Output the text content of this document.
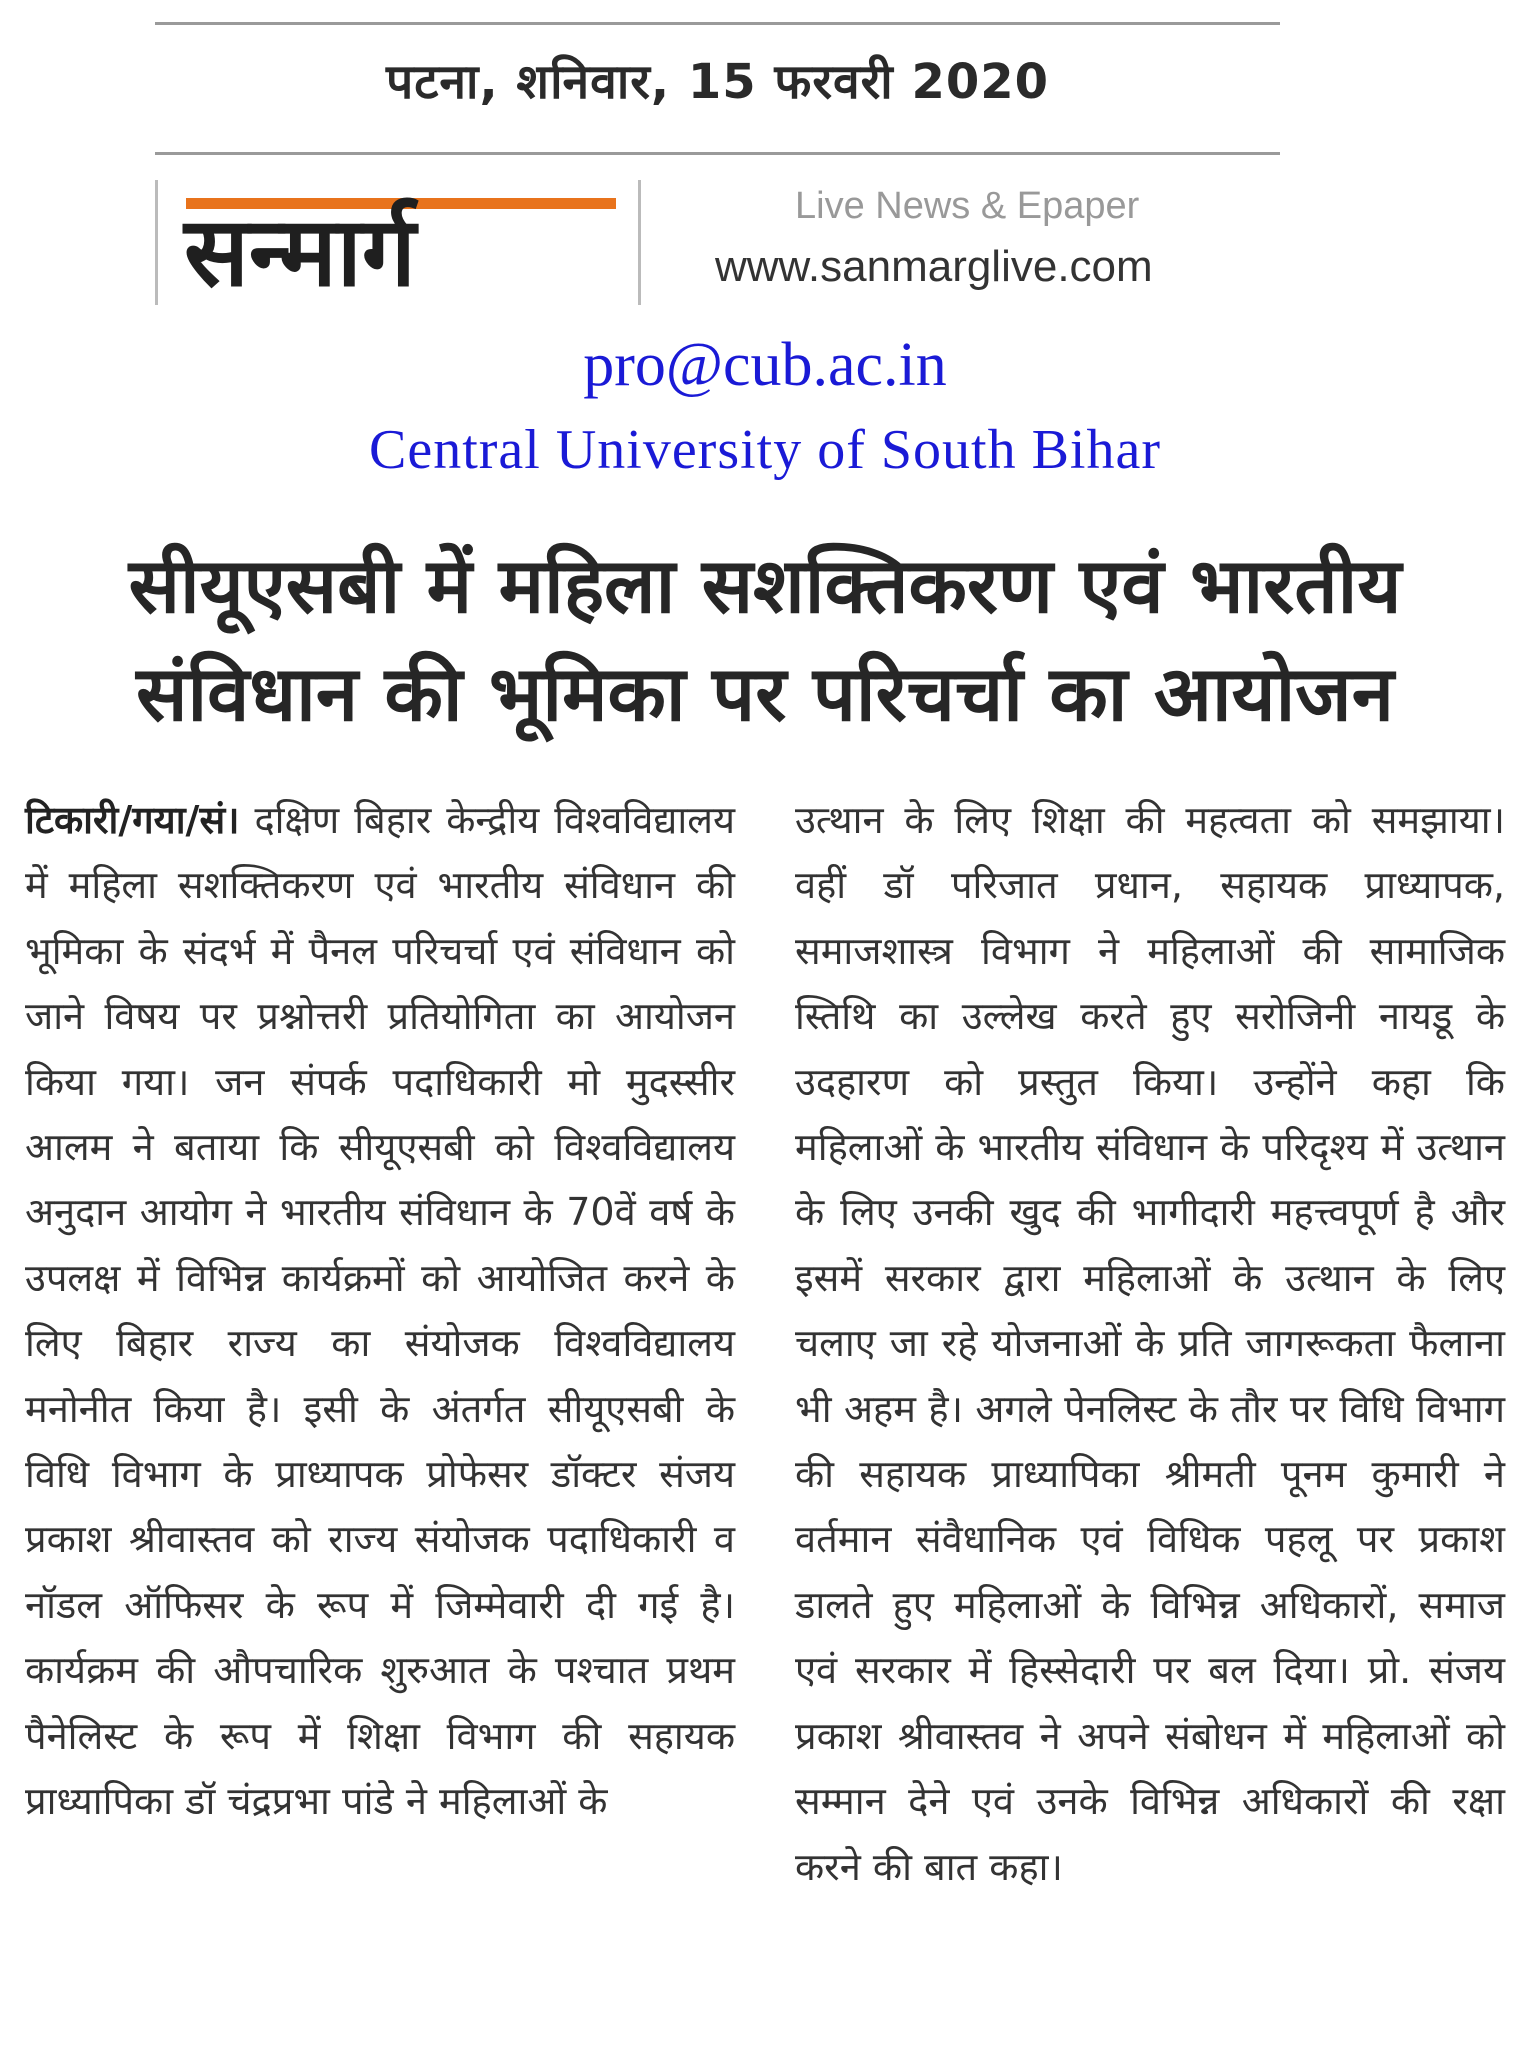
पटना, शनिवार, 15 फरवरी 2020
सन्मार्ग	Live News & Epaper
www.sanmarglive.com
pro@cub.ac.in
Central University of South Bihar
सीयूएसबी में महिला सशक्तिकरण एवं भारतीय
संविधान की भूमिका पर परिचर्चा का आयोजन

टिकारी/गया/सं। दक्षिण बिहार केन्द्रीय विश्वविद्यालय में महिला सशक्तिकरण एवं भारतीय संविधान की भूमिका के संदर्भ में पैनल परिचर्चा एवं संविधान को जाने विषय पर प्रश्नोत्तरी प्रतियोगिता का आयोजन किया गया। जन संपर्क पदाधिकारी मो मुदस्सीर आलम ने बताया कि सीयूएसबी को विश्वविद्यालय अनुदान आयोग ने भारतीय संविधान के 70वें वर्ष के उपलक्ष में विभिन्न कार्यक्रमों को आयोजित करने के लिए बिहार राज्य का संयोजक विश्वविद्यालय मनोनीत किया है। इसी के अंतर्गत सीयूएसबी के विधि विभाग के प्राध्यापक प्रोफेसर डॉक्टर संजय प्रकाश श्रीवास्तव को राज्य संयोजक पदाधिकारी व नॉडल ऑफिसर के रूप में जिम्मेवारी दी गई है। कार्यक्रम की औपचारिक शुरुआत के पश्चात प्रथम पैनेलिस्ट के रूप में शिक्षा विभाग की सहायक प्राध्यापिका डॉ चंद्रप्रभा पांडे ने महिलाओं के

उत्थान के लिए शिक्षा की महत्वता को समझाया। वहीं डॉ परिजात प्रधान, सहायक प्राध्यापक, समाजशास्त्र विभाग ने महिलाओं की सामाजिक स्तिथि का उल्लेख करते हुए सरोजिनी नायडू के उदहारण को प्रस्तुत किया। उन्होंने कहा कि महिलाओं के भारतीय संविधान के परिदृश्य में उत्थान के लिए उनकी खुद की भागीदारी महत्त्वपूर्ण है और इसमें सरकार द्वारा महिलाओं के उत्थान के लिए चलाए जा रहे योजनाओं के प्रति जागरूकता फैलाना भी अहम है। अगले पेनलिस्ट के तौर पर विधि विभाग की सहायक प्राध्यापिका श्रीमती पूनम कुमारी ने वर्तमान संवैधानिक एवं विधिक पहलू पर प्रकाश डालते हुए महिलाओं के विभिन्न अधिकारों, समाज एवं सरकार में हिस्सेदारी पर बल दिया। प्रो. संजय प्रकाश श्रीवास्तव ने अपने संबोधन में महिलाओं को सम्मान देने एवं उनके विभिन्न अधिकारों की रक्षा करने की बात कहा।
